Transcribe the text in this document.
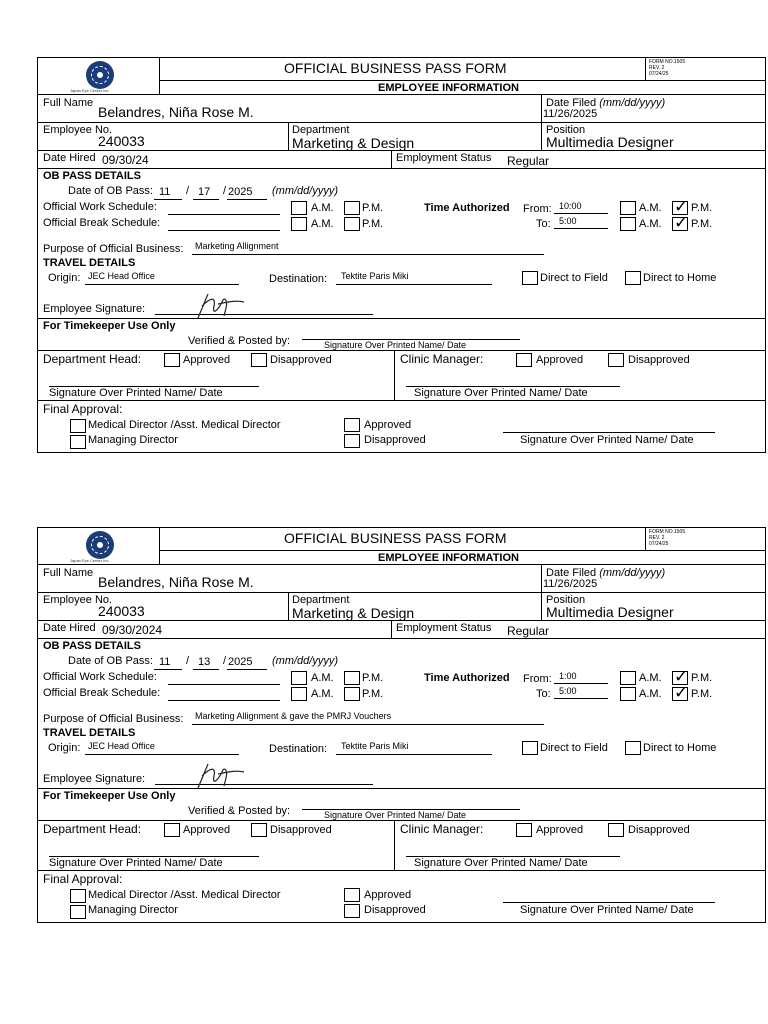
Japan Eye Center Inc
OFFICIAL BUSINESS PASS FORM	FORM NO.1505
REV. 2
07/24/25
EMPLOYEE INFORMATION
Full Name
Belandres, Niña Rose M.
Date Filed (mm/dd/yyyy)
11/26/2025
Employee No.
240033
Department
Marketing & Design
Position
Multimedia Designer
Date Hired 09/30/24	Employment Status Regular
OB PASS DETAILS
Date of OB Pass: 11 / 17 / 2025 (mm/dd/yyyy)
Official Work Schedule:	A.M.	P.M.
Official Break Schedule:	A.M.	P.M.
Time Authorized From: 10:00	A.M. ✓ P.M.
To: 5:00	A.M. ✓ P.M.
Purpose of Official Business: Marketing Allignment
TRAVEL DETAILS
Origin: JEC Head Office	Destination: Tektite Paris Miki	Direct to Field	Direct to Home
Employee Signature:
For Timekeeper Use Only
Verified & Posted by:	Signature Over Printed Name/ Date
Department Head:	Approved	Disapproved
Signature Over Printed Name/ Date
Clinic Manager:	Approved	Disapproved
Signature Over Printed Name/ Date
Final Approval:
Medical Director /Asst. Medical Director
Managing Director
Approved
Disapproved	Signature Over Printed Name/ Date
Japan Eye Center Inc
OFFICIAL BUSINESS PASS FORM	FORM NO.1505
REV. 2
07/24/25
EMPLOYEE INFORMATION
Full Name
Belandres, Niña Rose M.
Date Filed (mm/dd/yyyy)
11/26/2025
Employee No.
240033
Department
Marketing & Design
Position
Multimedia Designer
Date Hired 09/30/2024	Employment Status Regular
OB PASS DETAILS
Date of OB Pass: 11 / 13 / 2025 (mm/dd/yyyy)
Official Work Schedule:	A.M.	P.M.
Official Break Schedule:	A.M.	P.M.
Time Authorized From: 1:00	A.M. ✓ P.M.
To: 5:00	A.M. ✓ P.M.
Purpose of Official Business: Marketing Allignment & gave the PMRJ Vouchers
TRAVEL DETAILS
Origin: JEC Head Office	Destination: Tektite Paris Miki	Direct to Field	Direct to Home
Employee Signature:
For Timekeeper Use Only
Verified & Posted by:	Signature Over Printed Name/ Date
Department Head:	Approved	Disapproved
Signature Over Printed Name/ Date
Clinic Manager:	Approved	Disapproved
Signature Over Printed Name/ Date
Final Approval:
Medical Director /Asst. Medical Director
Managing Director
Approved
Disapproved	Signature Over Printed Name/ Date
